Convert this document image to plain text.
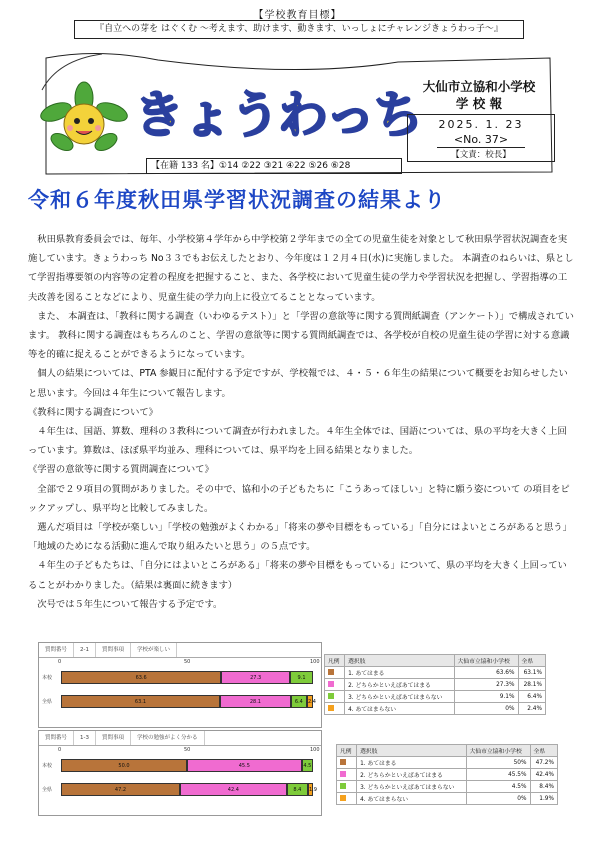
【学校教育目標】
『自立への芽を はぐくむ ～考えます、助けます、動きます、いっしょにチャレンジきょうわっ子～』
きょうわっち 大仙市立協和小学校
学 校 報
2025. 1. 23
<No. 37>
【文責：校長】
【在籍 133 名】①14 ②22 ③21 ④22 ⑤26 ⑥28
令和６年度秋田県学習状況調査の結果より

秋田県教育委員会では、毎年、小学校第４学年から中学校第２学年までの全ての児童生徒を対象として秋田県学習状況調査を実施しています。きょうわっち No３３でもお伝えしたとおり、今年度は１２月４日(水)に実施しました。 本調査のねらいは、県として学習指導要領の内容等の定着の程度を把握すること、また、各学校において児童生徒の学力や学習状況を把握し、学習指導の工夫改善を図ることなどにより、児童生徒の学力向上に役立てることとなっています。

また、 本調査は、「教科に関する調査（いわゆるテスト）」と「学習の意欲等に関する質問紙調査（アンケート）」で構成されています。 教科に関する調査はもちろんのこと、学習の意欲等に関する質問紙調査では、各学校が自校の児童生徒の学習に対する意識等を的確に捉えることができるようになっています。

個人の結果については、PTA 参観日に配付する予定ですが、学校報では、４・５・６年生の結果について概要をお知らせしたいと思います。今回は４年生について報告します。

《教科に関する調査について》

４年生は、国語、算数、理科の３教科について調査が行われました。４年生全体では、国語については、県の平均を大きく上回っています。算数は、ほぼ県平均並み、理科については、県平均を上回る結果となりました。

《学習の意欲等に関する質問調査について》

全部で２９項目の質問がありました。その中で、協和小の子どもたちに「こうあってほしい」と特に願う姿について の項目をピックアップし、県平均と比較してみました。

選んだ項目は「学校が楽しい」「学校の勉強がよくわかる」「将来の夢や目標をもっている」「自分にはよいところがあると思う」「地域のためになる活動に進んで取り組みたいと思う」の５点です。

４年生の子どもたちは、「自分にはよいところがある」「将来の夢や目標をもっている」について、県の平均を大きく上回っていることがわかりました。（結果は裏面に続きます）

次号では５年生について報告する予定です。

質問番号 2-1 質問事項 学校が楽しい
0	50	100
本校	63.6	27.3	9.1
全県	63.1	28.1	6.4	2.4
凡例	選択肢	大仙市立協和小学校	全県
	1. あてはまる	63.6%	63.1%
	2. どちらかといえばあてはまる	27.3%	28.1%
	3. どちらかといえばあてはまらない	9.1%	6.4%
	4. あてはまらない	0%	2.4%
質問番号 1-3 質問事項 学校の勉強がよく分かる
0	50	100
本校	50.0	45.5	4.5
全県	47.2	42.4	8.4	1.9
凡例	選択肢	大仙市立協和小学校	全県
	1. あてはまる	50%	47.2%
	2. どちらかといえばあてはまる	45.5%	42.4%
	3. どちらかといえばあてはまらない	4.5%	8.4%
	4. あてはまらない	0%	1.9%
